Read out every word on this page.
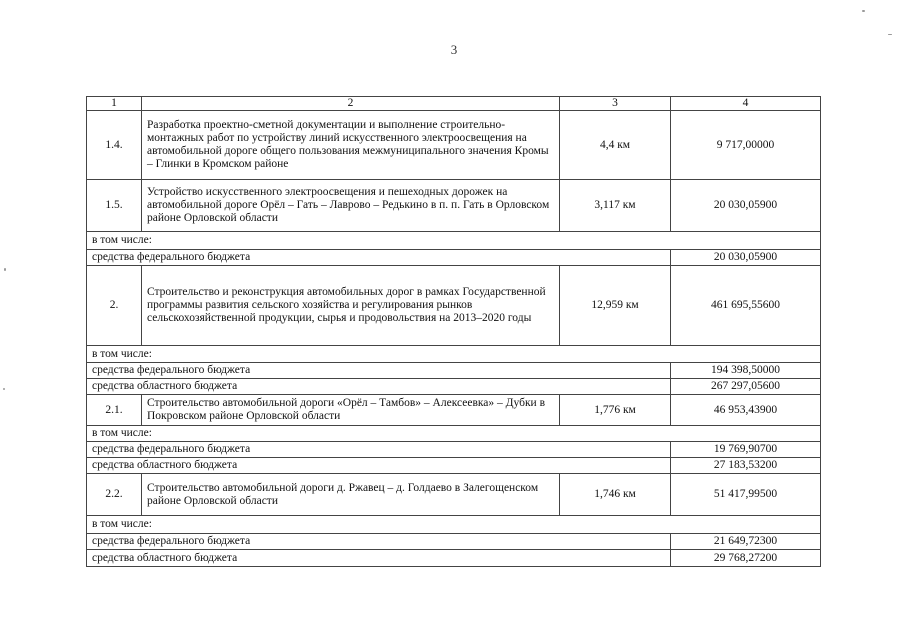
3
1	2	3	4
1.4.	Разработка проектно-сметной документации и выполнение строительно-монтажных работ по устройству линий искусственного электроосвещения на автомобильной дороге общего пользования межмуниципального значения Кромы – Глинки в Кромском районе	4,4 км	9 717,00000
1.5.	Устройство искусственного электроосвещения и пешеходных дорожек на автомобильной дороге Орёл – Гать – Лаврово – Редькино в п. п. Гать в Орловском районе Орловской области	3,117 км	20 030,05900
в том числе:			
средства федерального бюджета			20 030,05900
2.	Строительство и реконструкция автомобильных дорог в рамках Государственной программы развития сельского хозяйства и регулирования рынков сельскохозяйственной продукции, сырья и продовольствия на 2013–2020 годы	12,959 км	461 695,55600
в том числе:			
средства федерального бюджета			194 398,50000
средства областного бюджета			267 297,05600
2.1.	Строительство автомобильной дороги «Орёл – Тамбов» – Алексеевка» – Дубки в Покровском районе Орловской области	1,776 км	46 953,43900
в том числе:			
средства федерального бюджета			19 769,90700
средства областного бюджета			27 183,53200
2.2.	Строительство автомобильной дороги д. Ржавец – д. Голдаево в Залегощенском районе Орловской области	1,746 км	51 417,99500
в том числе:			
средства федерального бюджета			21 649,72300
средства областного бюджета			29 768,27200
